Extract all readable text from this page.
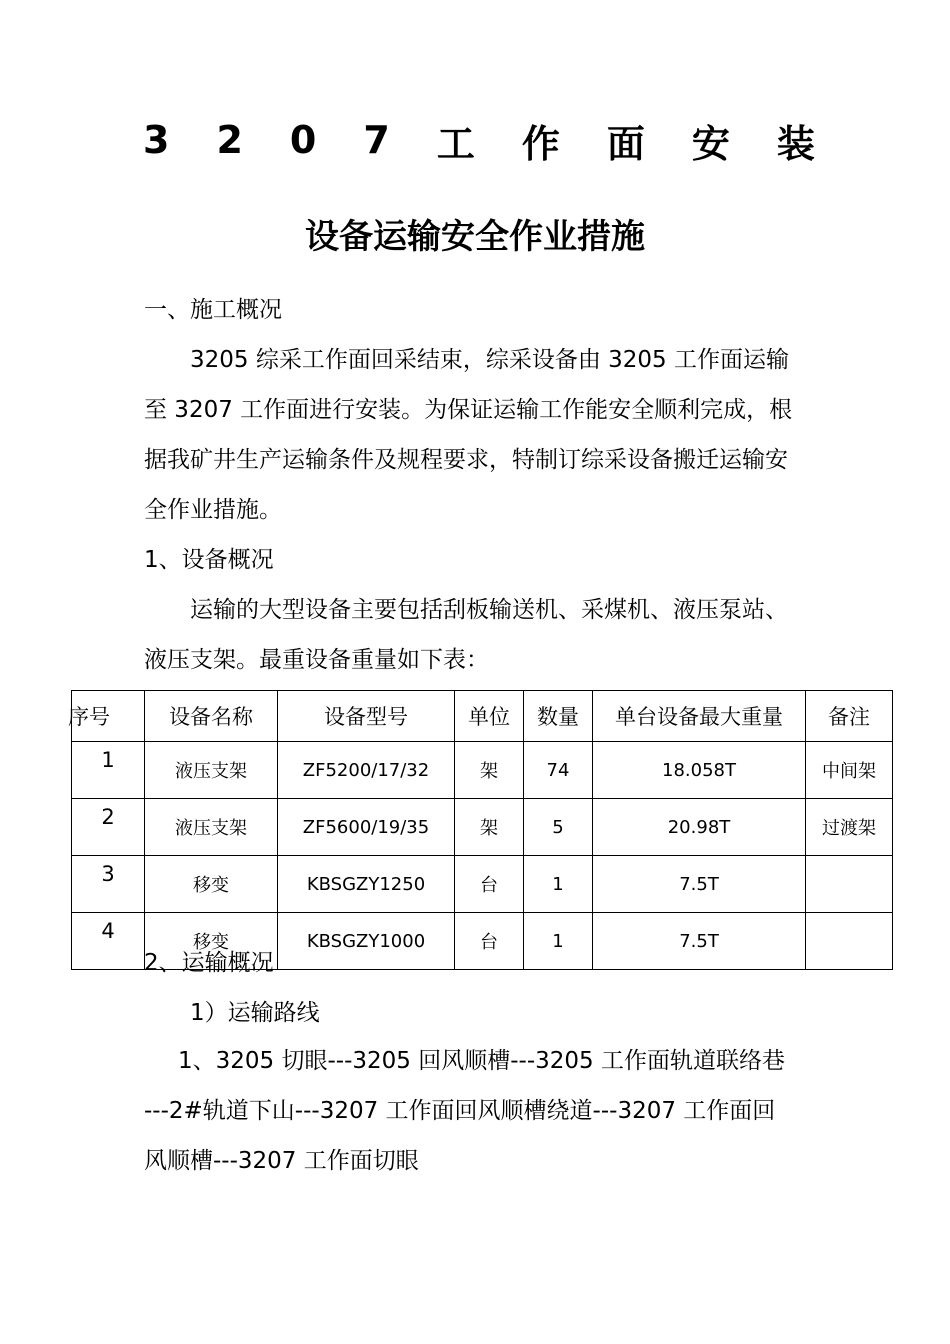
3 2 0 7 工 作 面 安 装
设备运输安全作业措施
一、施工概况
3205 综采工作面回采结束，综采设备由 3205 工作面运输
至 3207 工作面进行安装。为保证运输工作能安全顺利完成，根
据我矿井生产运输条件及规程要求，特制订综采设备搬迁运输安
全作业措施。
1、设备概况
运输的大型设备主要包括刮板输送机、采煤机、液压泵站、
液压支架。最重设备重量如下表：
序号	设备名称	设备型号	单位	数量	单台设备最大重量	备注
1	液压支架	ZF5200/17/32	架	74	18.058T	中间架
2	液压支架	ZF5600/19/35	架	5	20.98T	过渡架
3	移变	KBSGZY1250	台	1	7.5T	
4	移变	KBSGZY1000	台	1	7.5T	
2、运输概况
1）运输路线
1、3205 切眼---3205 回风顺槽---3205 工作面轨道联络巷
---2#轨道下山---3207 工作面回风顺槽绕道---3207 工作面回
风顺槽---3207 工作面切眼
